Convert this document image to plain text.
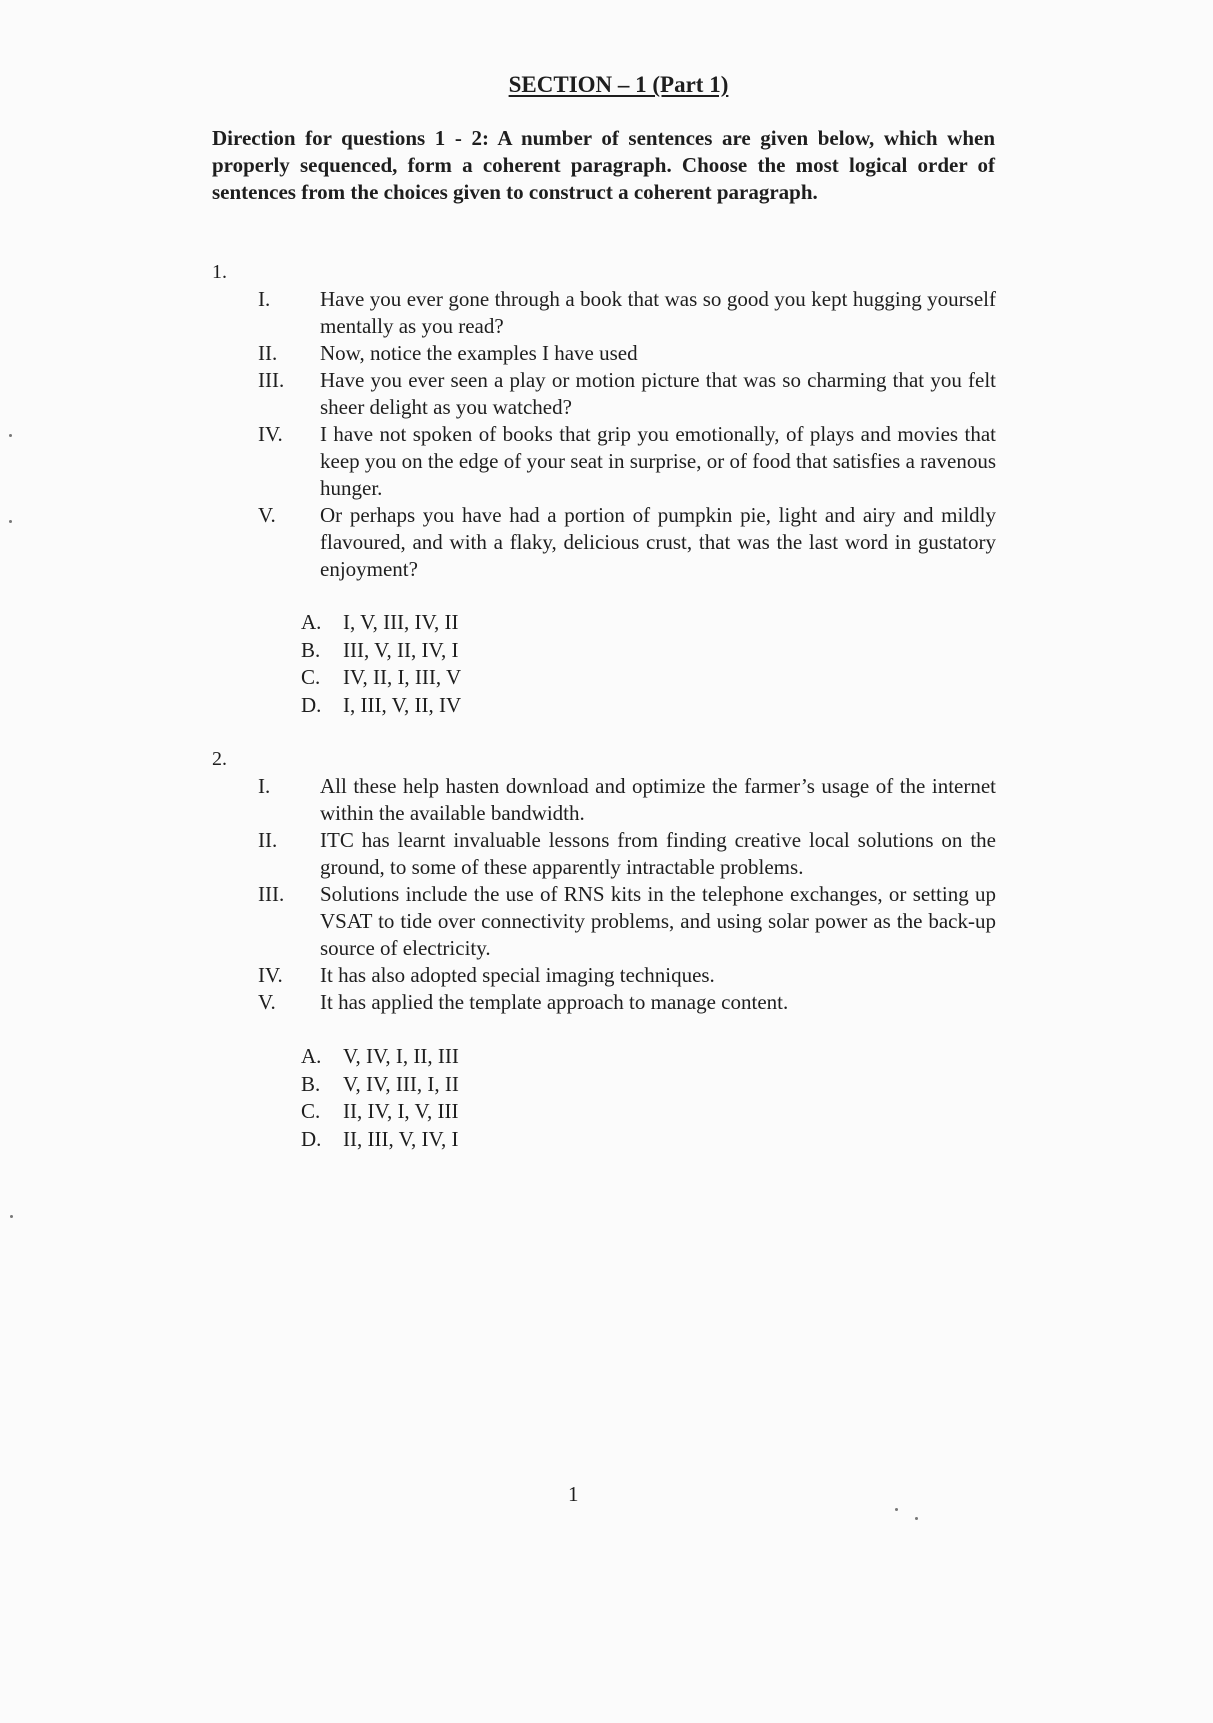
SECTION – 1 (Part 1)
Direction for questions 1 - 2: A number of sentences are given below, which when properly sequenced, form a coherent paragraph. Choose the most logical order of sentences from the choices given to construct a coherent paragraph.
1.
I.	Have you ever gone through a book that was so good you kept hugging yourself mentally as you read?
II.	Now, notice the examples I have used
III.	Have you ever seen a play or motion picture that was so charming that you felt sheer delight as you watched?
IV.	I have not spoken of books that grip you emotionally, of plays and movies that keep you on the edge of your seat in surprise, or of food that satisfies a ravenous hunger.
V.	Or perhaps you have had a portion of pumpkin pie, light and airy and mildly flavoured, and with a flaky, delicious crust, that was the last word in gustatory enjoyment?
A.	I, V, III, IV, II
B.	III, V, II, IV, I
C.	IV, II, I, III, V
D.	I, III, V, II, IV
2.
I.	All these help hasten download and optimize the farmer’s usage of the internet within the available bandwidth.
II.	ITC has learnt invaluable lessons from finding creative local solutions on the ground, to some of these apparently intractable problems.
III.	Solutions include the use of RNS kits in the telephone exchanges, or setting up VSAT to tide over connectivity problems, and using solar power as the back-up source of electricity.
IV.	It has also adopted special imaging techniques.
V.	It has applied the template approach to manage content.
A.	V, IV, I, II, III
B.	V, IV, III, I, II
C.	II, IV, I, V, III
D.	II, III, V, IV, I
1
